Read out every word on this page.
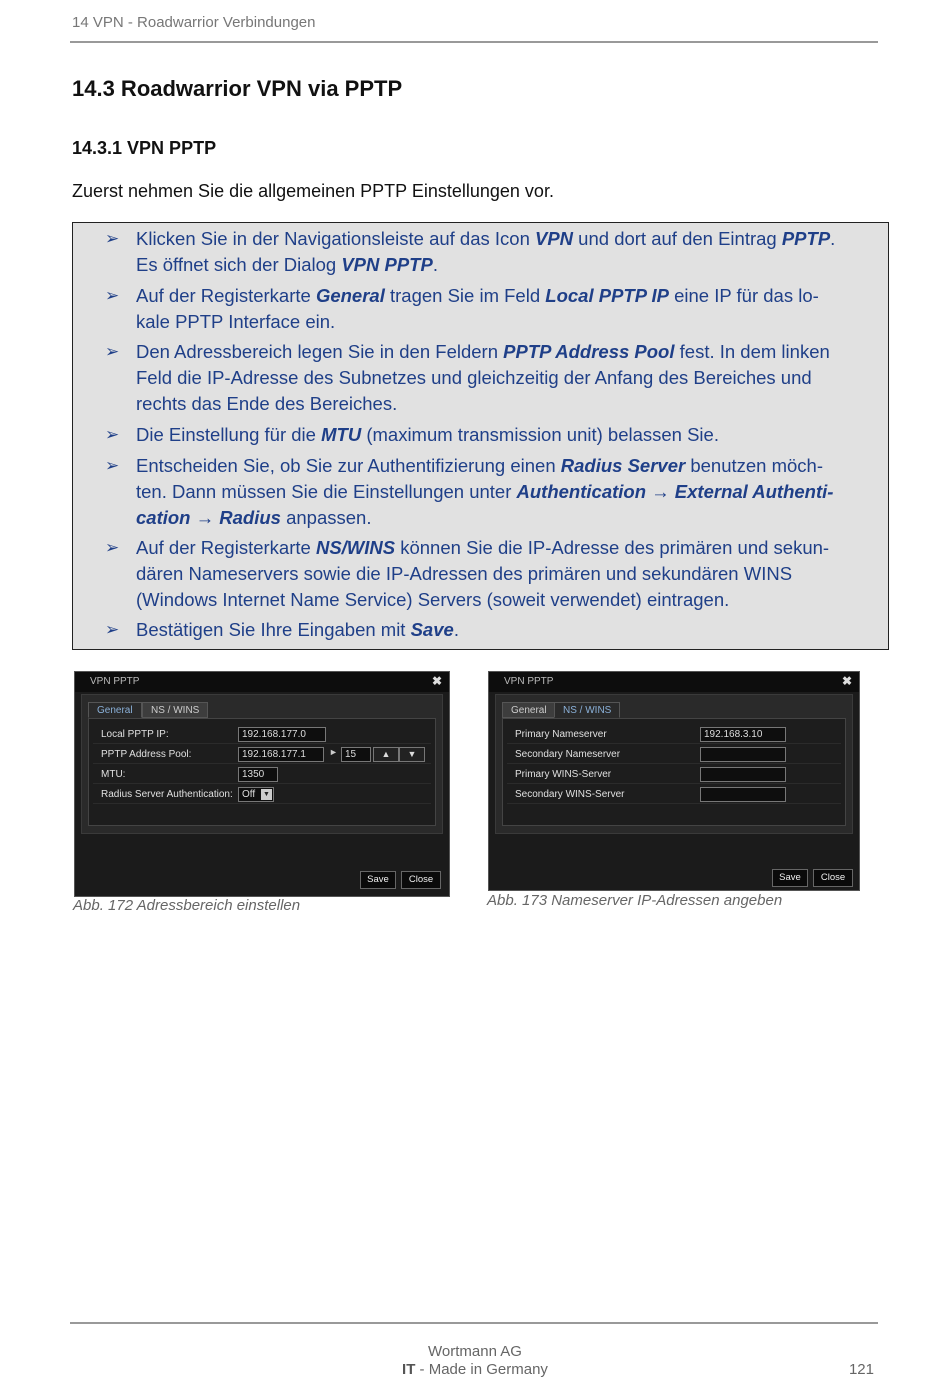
14 VPN - Roadwarrior Verbindungen
14.3 Roadwarrior VPN via PPTP
14.3.1 VPN PPTP
Zuerst nehmen Sie die allgemeinen PPTP Einstellungen vor.
➢ Klicken Sie in der Navigationsleiste auf das Icon VPN und dort auf den Eintrag PPTP.
Es öffnet sich der Dialog VPN PPTP.
➢ Auf der Registerkarte General tragen Sie im Feld Local PPTP IP eine IP für das lo-
kale PPTP Interface ein.
➢ Den Adressbereich legen Sie in den Feldern PPTP Address Pool fest. In dem linken
Feld die IP-Adresse des Subnetzes und gleichzeitig der Anfang des Bereiches und
rechts das Ende des Bereiches.
➢ Die Einstellung für die MTU (maximum transmission unit) belassen Sie.
➢ Entscheiden Sie, ob Sie zur Authentifizierung einen Radius Server benutzen möch-
ten. Dann müssen Sie die Einstellungen unter Authentication → External Authenti-
cation → Radius anpassen.
➢ Auf der Registerkarte NS/WINS können Sie die IP-Adresse des primären und sekun-
dären Nameservers sowie die IP-Adressen des primären und sekundären WINS
(Windows Internet Name Service) Servers (soweit verwendet) eintragen.
➢ Bestätigen Sie Ihre Eingaben mit Save.
VPN PPTP	✖
General	NS / WINS
Local PPTP IP:	192.168.177.0
PPTP Address Pool:	192.168.177.1	► 15	▲	▼
MTU:	1350
Radius Server Authentication: Off ▼
Save	Close
Abb. 172 Adressbereich einstellen
VPN PPTP	✖
General	NS / WINS
Primary Nameserver	192.168.3.10
Secondary Nameserver
Primary WINS-Server
Secondary WINS-Server
Save	Close
Abb. 173 Nameserver IP-Adressen angeben
Wortmann AG
IT - Made in Germany	121
